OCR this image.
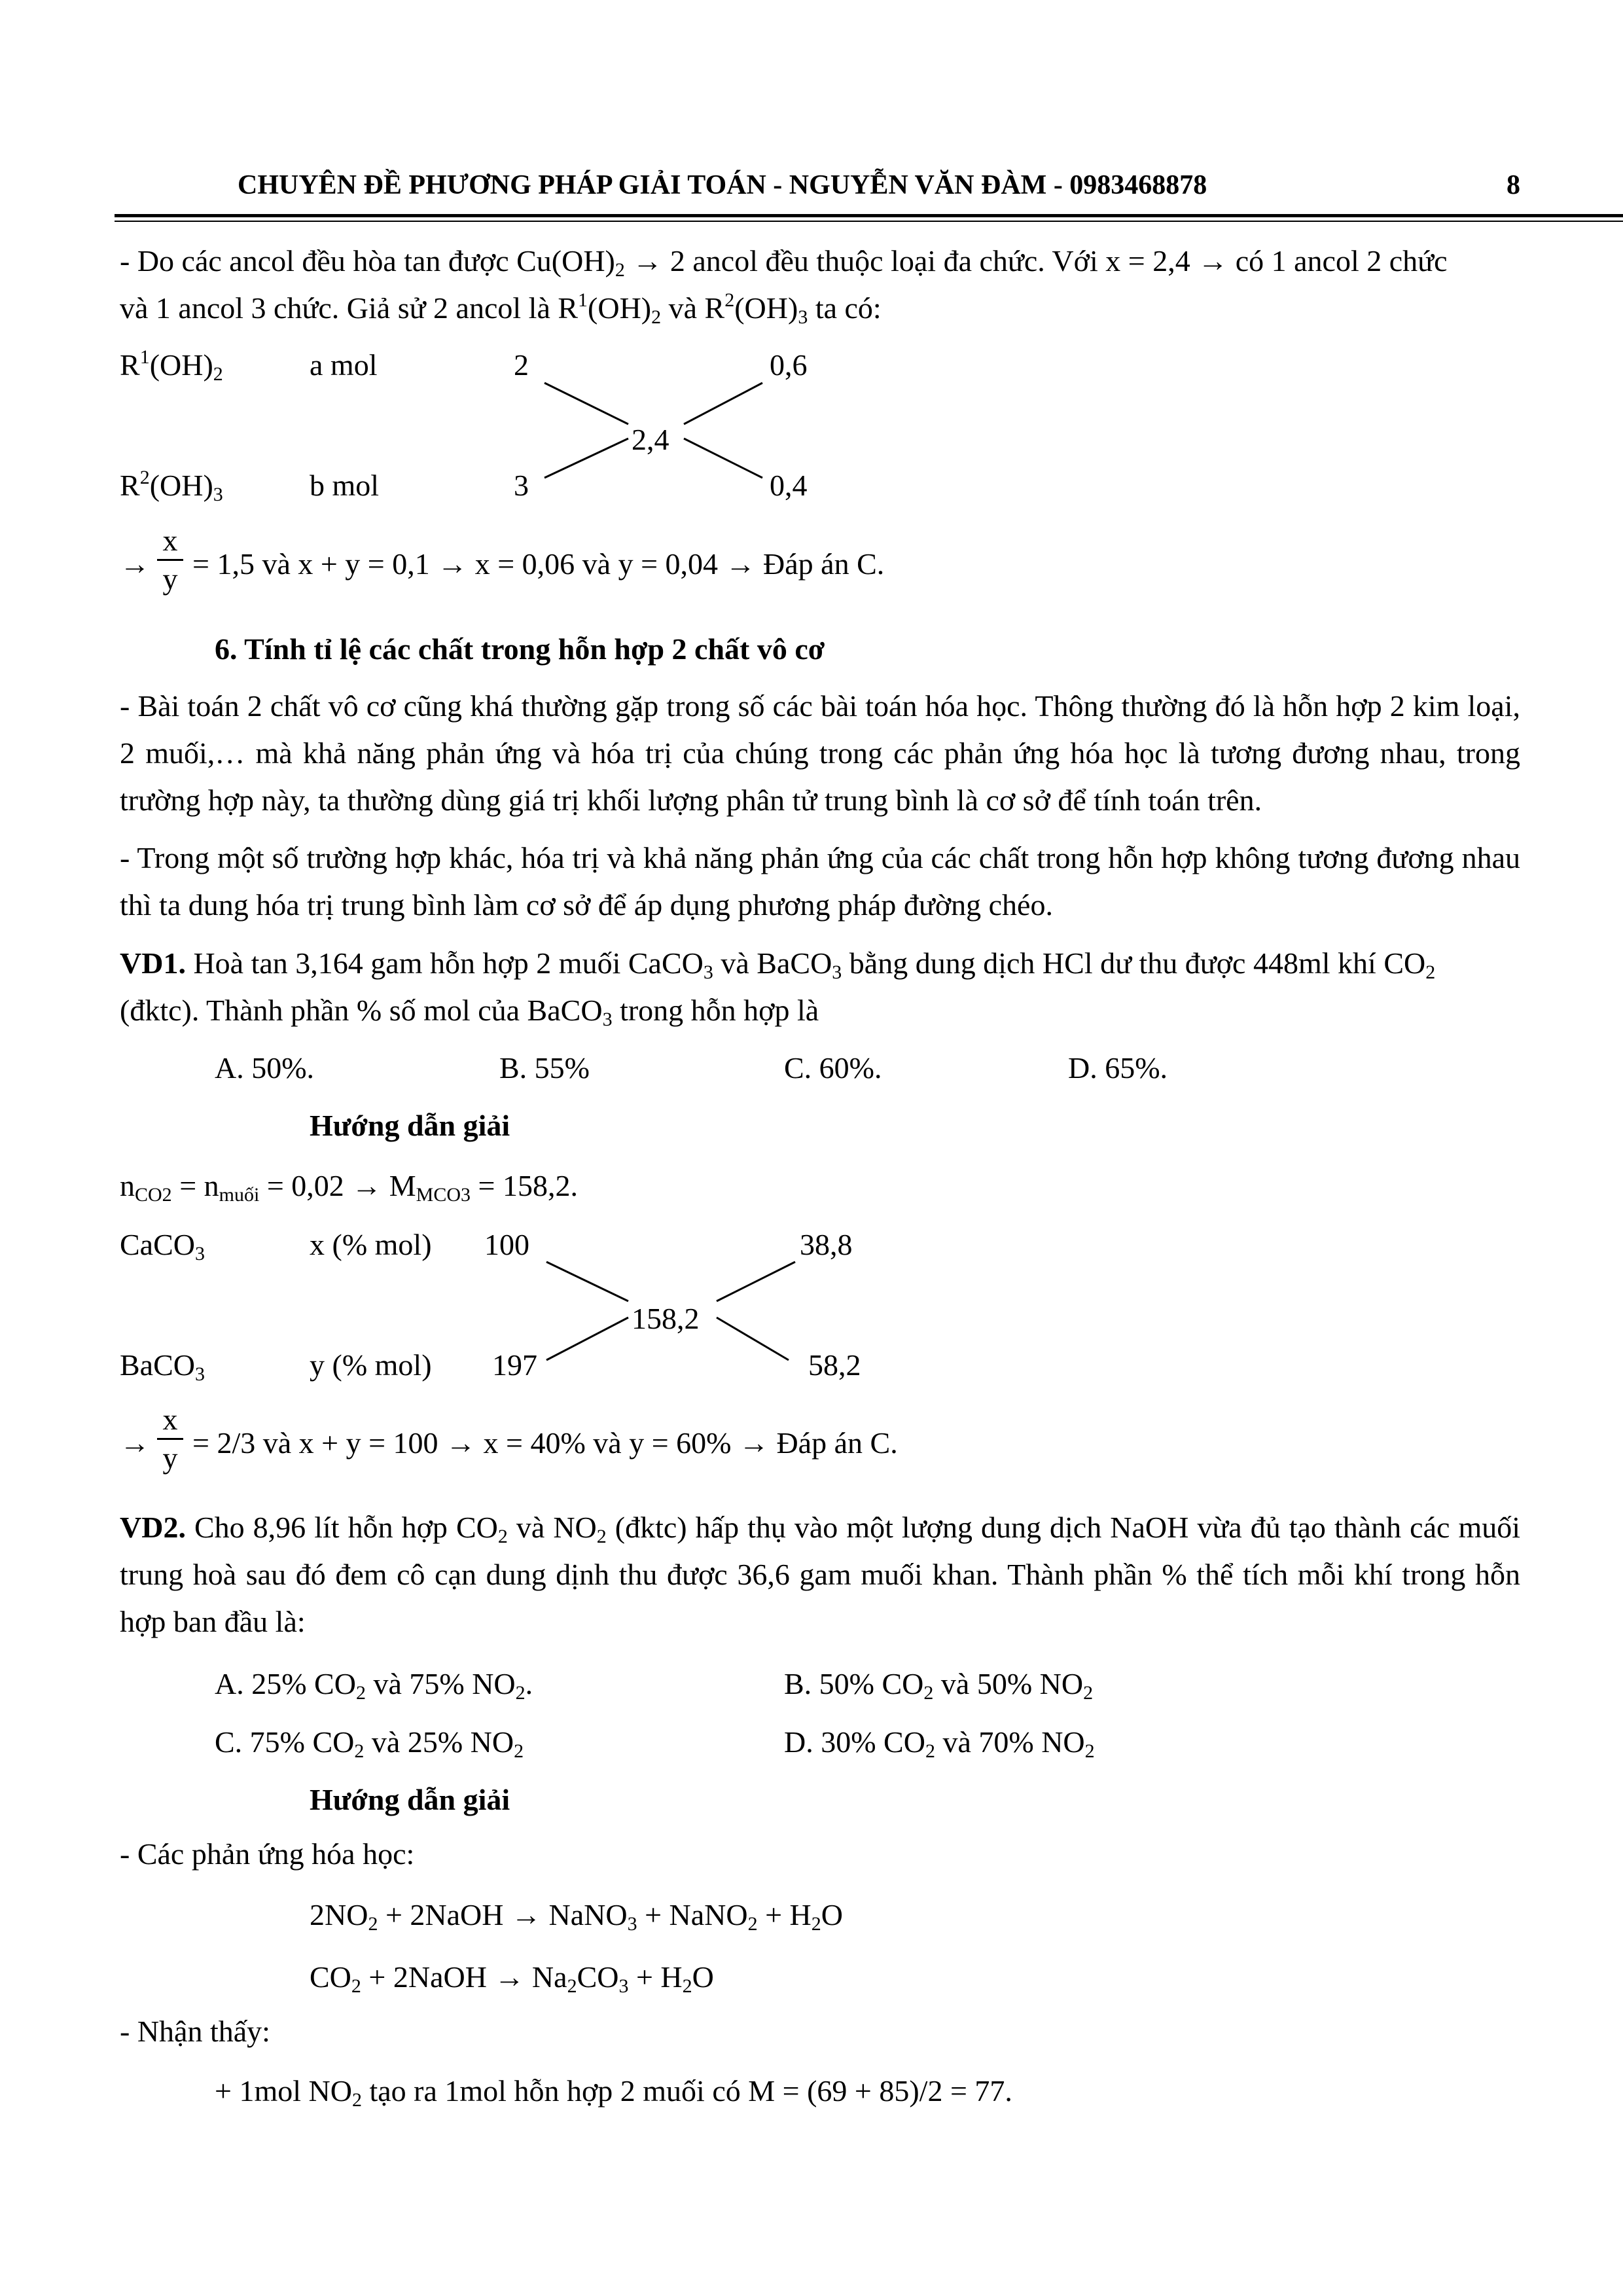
CHUYÊN ĐỀ PHƯƠNG PHÁP GIẢI TOÁN - NGUYỄN VĂN ĐÀM - 0983468878	8
- Do các ancol đều hòa tan được $Cu(OH)_2 \to 2$ ancol đều thuộc loại đa chức. Với x = 2,4 → có 1 ancol 2 chức
và 1 ancol 3 chức. Giả sử 2 ancol là $R^1(OH)_2$ và $R^2(OH)_3$ ta có:
$R^1(OH)_2$	a mol	2	0,6
2,4
$R^2(OH)_3$	b mol	3	0,4
→
x
y = 1,5 và x + y = 0,1 → x = 0,06 và y = 0,04 → Đáp án C.
6. Tính tỉ lệ các chất trong hỗn hợp 2 chất vô cơ
- Bài toán 2 chất vô cơ cũng khá thường gặp trong số các bài toán hóa học. Thông thường đó là hỗn hợp 2 kim loại, 2 muối,… mà khả năng phản ứng và hóa trị của chúng trong các phản ứng hóa học là tương đương nhau, trong trường hợp này, ta thường dùng giá trị khối lượng phân tử trung bình là cơ sở để tính toán trên.
- Trong một số trường hợp khác, hóa trị và khả năng phản ứng của các chất trong hỗn hợp không tương đương nhau thì ta dung hóa trị trung bình làm cơ sở để áp dụng phương pháp đường chéo.
VD1. Hoà tan 3,164 gam hỗn hợp 2 muối CaCO$_3$ và BaCO$_3$ bằng dung dịch HCl dư thu được 448ml khí $CO_2$
(đktc). Thành phần % số mol của BaCO$_3$ trong hỗn hợp là
A. 50%.	B. 55%	C. 60%.	D. 65%.
Hướng dẫn giải
$n_{CO2} = n_{muối} = 0,02 \to M_{MCO3} = 158,2$.
CaCO$_3$	x (% mol) 100	38,8
158,2
BaCO$_3$	y (% mol) 197	58,2
→
x
y = 2/3 và x + y = 100 → x = 40% và y = 60% → Đáp án C.
VD2. Cho 8,96 lít hỗn hợp $CO_2$ và $NO_2$ (đktc) hấp thụ vào một lượng dung dịch NaOH vừa đủ tạo thành các muối trung hoà sau đó đem cô cạn dung dịnh thu được 36,6 gam muối khan. Thành phần % thể tích mỗi khí trong hỗn hợp ban đầu là:
A. 25% $CO_2$ và 75% $NO_2$.	B. 50% $CO_2$ và 50% $NO_2$
C. 75% $CO_2$ và 25% $NO_2$	D. 30% $CO_2$ và 70% $NO_2$
Hướng dẫn giải
- Các phản ứng hóa học:
$2NO_2$ + 2NaOH → NaNO$_3$ + NaNO$_2$ + $H_2O$
$CO_2$ + 2NaOH → $Na_2CO_3 + H_2O$
- Nhận thấy:
+ 1mol $NO_2$ tạo ra 1mol hỗn hợp 2 muối có M = (69 + 85)/2 = 77.
